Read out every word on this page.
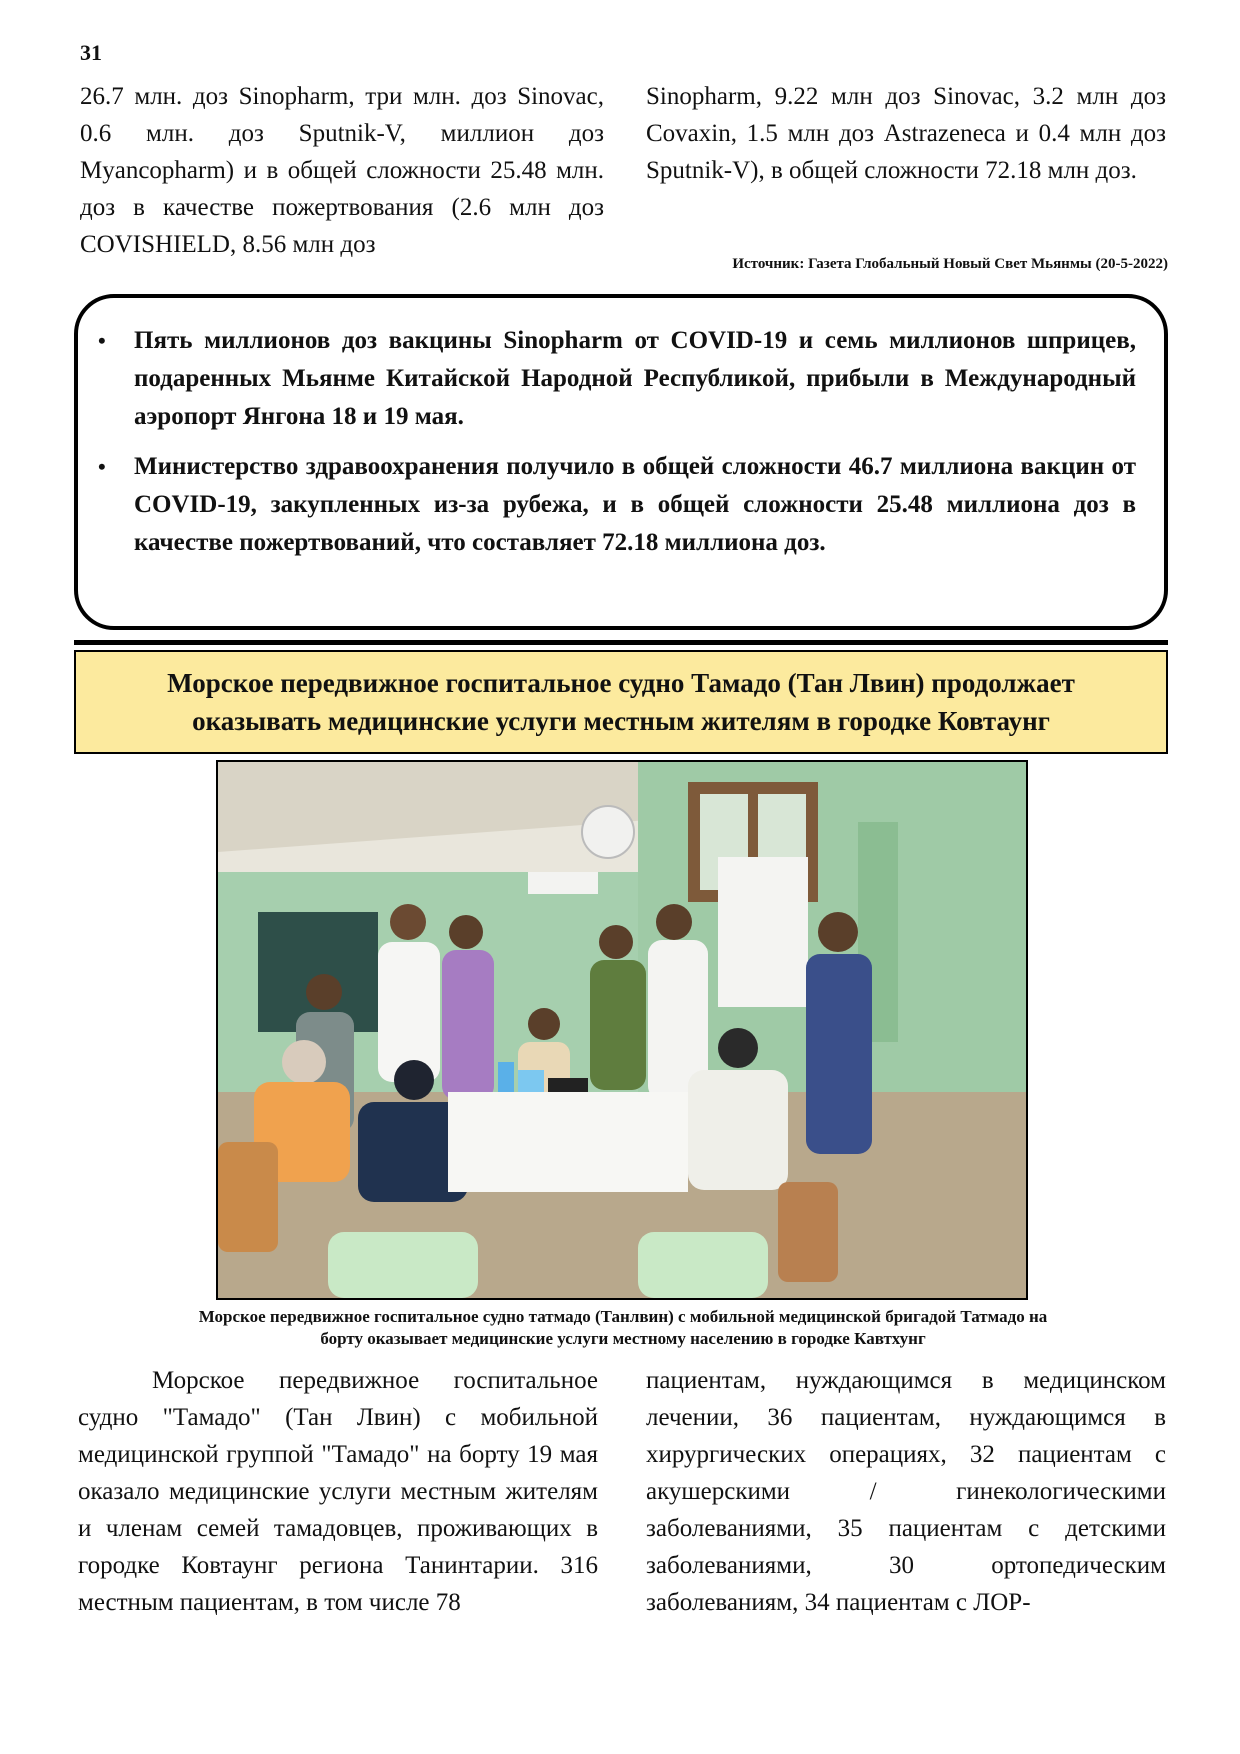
31
26.7 млн. доз Sinopharm, три млн. доз Sinovac, 0.6 млн. доз Sputnik-V, миллион доз Myancopharm) и в общей сложности 25.48 млн. доз в качестве пожертвования (2.6 млн доз COVISHIELD, 8.56 млн доз
Sinopharm, 9.22 млн доз Sinovac, 3.2 млн доз Covaxin, 1.5 млн доз Astrazeneca и 0.4 млн доз Sputnik-V), в общей сложности 72.18 млн доз.
Источник: Газета Глобальный Новый Свет Мьянмы (20-5-2022)
• Пять миллионов доз вакцины Sinopharm от COVID-19 и семь миллионов шприцев, подаренных Мьянме Китайской Народной Республикой, прибыли в Международный аэропорт Янгона 18 и 19 мая.
• Министерство здравоохранения получило в общей сложности 46.7 миллиона вакцин от COVID-19, закупленных из-за рубежа, и в общей сложности 25.48 миллиона доз в качестве пожертвований, что составляет 72.18 миллиона доз.
Морское передвижное госпитальное судно Тамадо (Тан Лвин) продолжает
оказывать медицинские услуги местным жителям в городке Ковтаунг
Морское передвижное госпитальное судно татмадо (Танлвин) с мобильной медицинской бригадой Татмадо на
борту оказывает медицинские услуги местному населению в городке Кавтхунг

Морское передвижное госпитальное судно "Тамадо" (Тан Лвин) с мобильной медицинской группой "Тамадо" на борту 19 мая оказало медицинские услуги местным жителям и членам семей тамадовцев, проживающих в городке Ковтаунг региона Танинтарии. 316 местным пациентам, в том числе 78

пациентам, нуждающимся в медицинском лечении, 36 пациентам, нуждающимся в хирургических операциях, 32 пациентам с акушерскими / гинекологическими заболеваниями, 35 пациентам с детскими заболеваниями, 30 ортопедическим заболеваниям, 34 пациентам с ЛОР-
